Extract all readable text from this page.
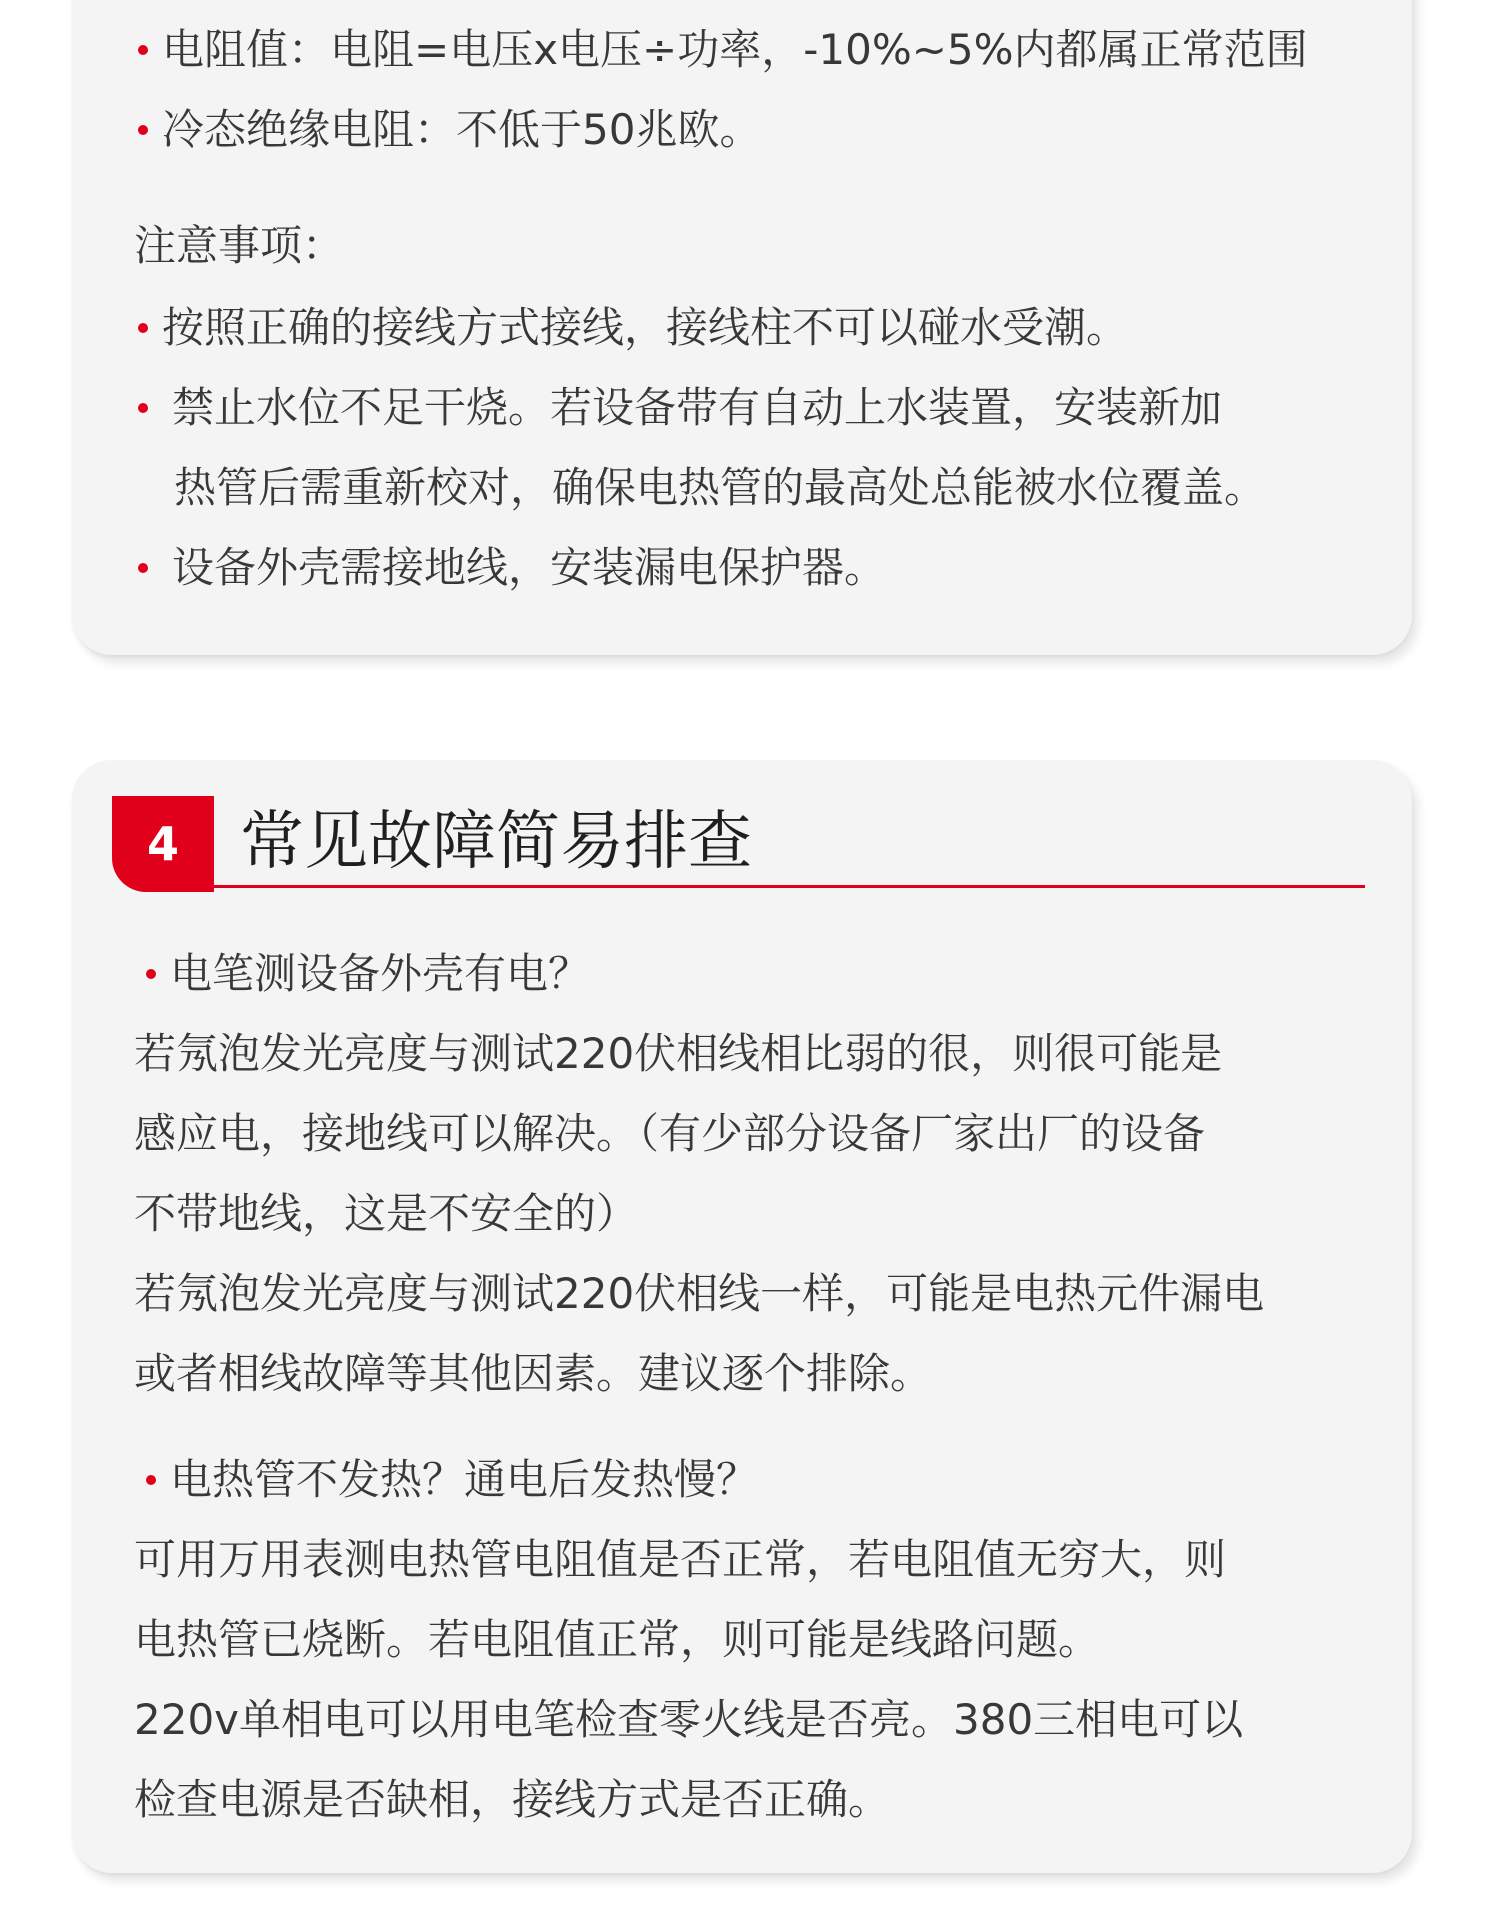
电阻值：电阻=电压x电压÷功率，-10%~5%内都属正常范围
冷态绝缘电阻：不低于50兆欧。
注意事项：
按照正确的接线方式接线，接线柱不可以碰水受潮。
禁止水位不足干烧。若设备带有自动上水装置，安装新加
热管后需重新校对，确保电热管的最高处总能被水位覆盖。
设备外壳需接地线，安装漏电保护器。
4 常见故障简易排查
电笔测设备外壳有电？
若氖泡发光亮度与测试220伏相线相比弱的很，则很可能是
感应电，接地线可以解决。（有少部分设备厂家出厂的设备
不带地线，这是不安全的）
若氖泡发光亮度与测试220伏相线一样，可能是电热元件漏电
或者相线故障等其他因素。建议逐个排除。
电热管不发热？通电后发热慢？
可用万用表测电热管电阻值是否正常，若电阻值无穷大，则
电热管已烧断。若电阻值正常，则可能是线路问题。
220v单相电可以用电笔检查零火线是否亮。380三相电可以
检查电源是否缺相，接线方式是否正确。
